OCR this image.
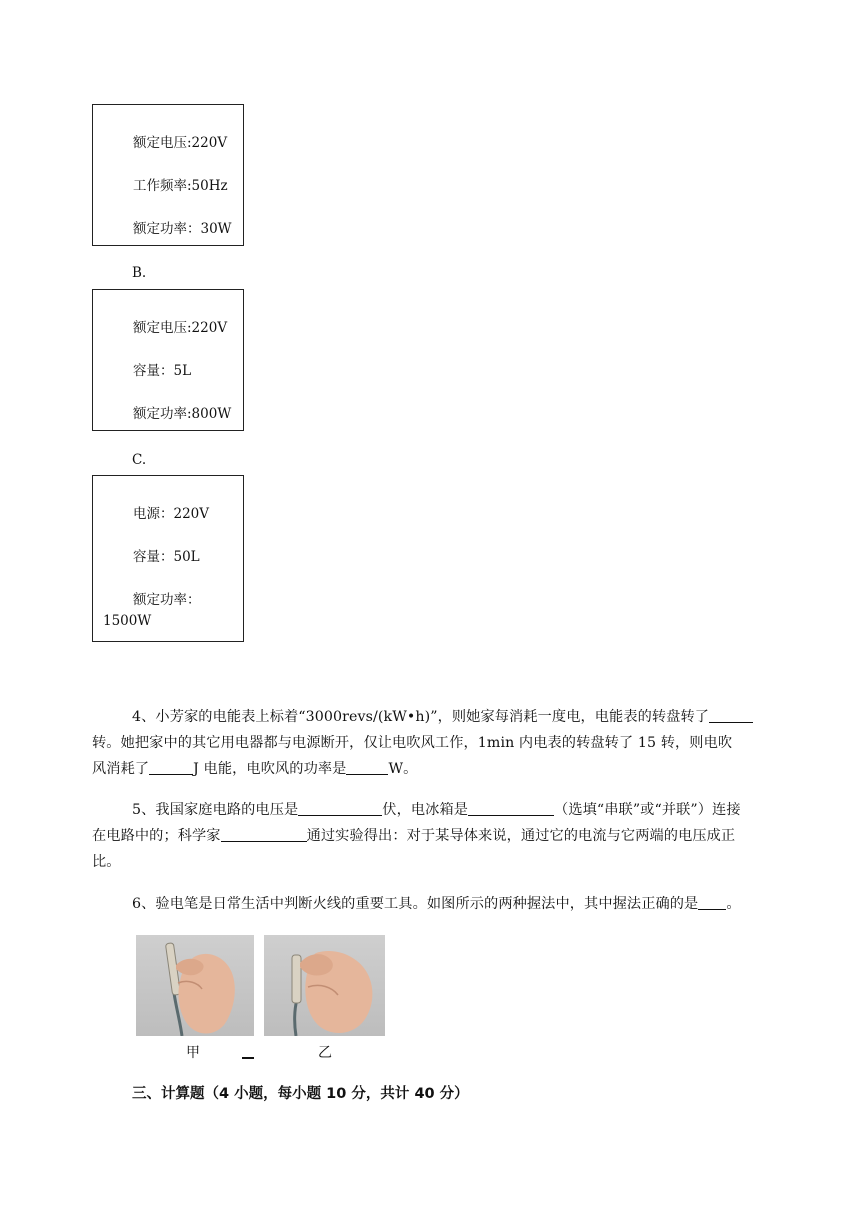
额定电压:220V
工作频率:50Hz
额定功率：30W
B.
额定电压:220V
容量：5L
额定功率:800W
C.
电源：220V
容量：50L
额定功率：
1500W
4、小芳家的电能表上标着“3000revs/(kW•h)”，则她家每消耗一度电，电能表的转盘转了
转。她把家中的其它用电器都与电源断开，仅让电吹风工作，1min 内电表的转盘转了 15 转，则电吹
风消耗了	J 电能，电吹风的功率是	W。
5、我国家庭电路的电压是	伏，电冰箱是	（选填“串联”或“并联”）连接
在电路中的；科学家	通过实验得出：对于某导体来说，通过它的电流与它两端的电压成正
比。
6、验电笔是日常生活中判断火线的重要工具。如图所示的两种握法中，其中握法正确的是 。
甲	乙
三、计算题（4 小题，每小题 10 分，共计 40 分）
